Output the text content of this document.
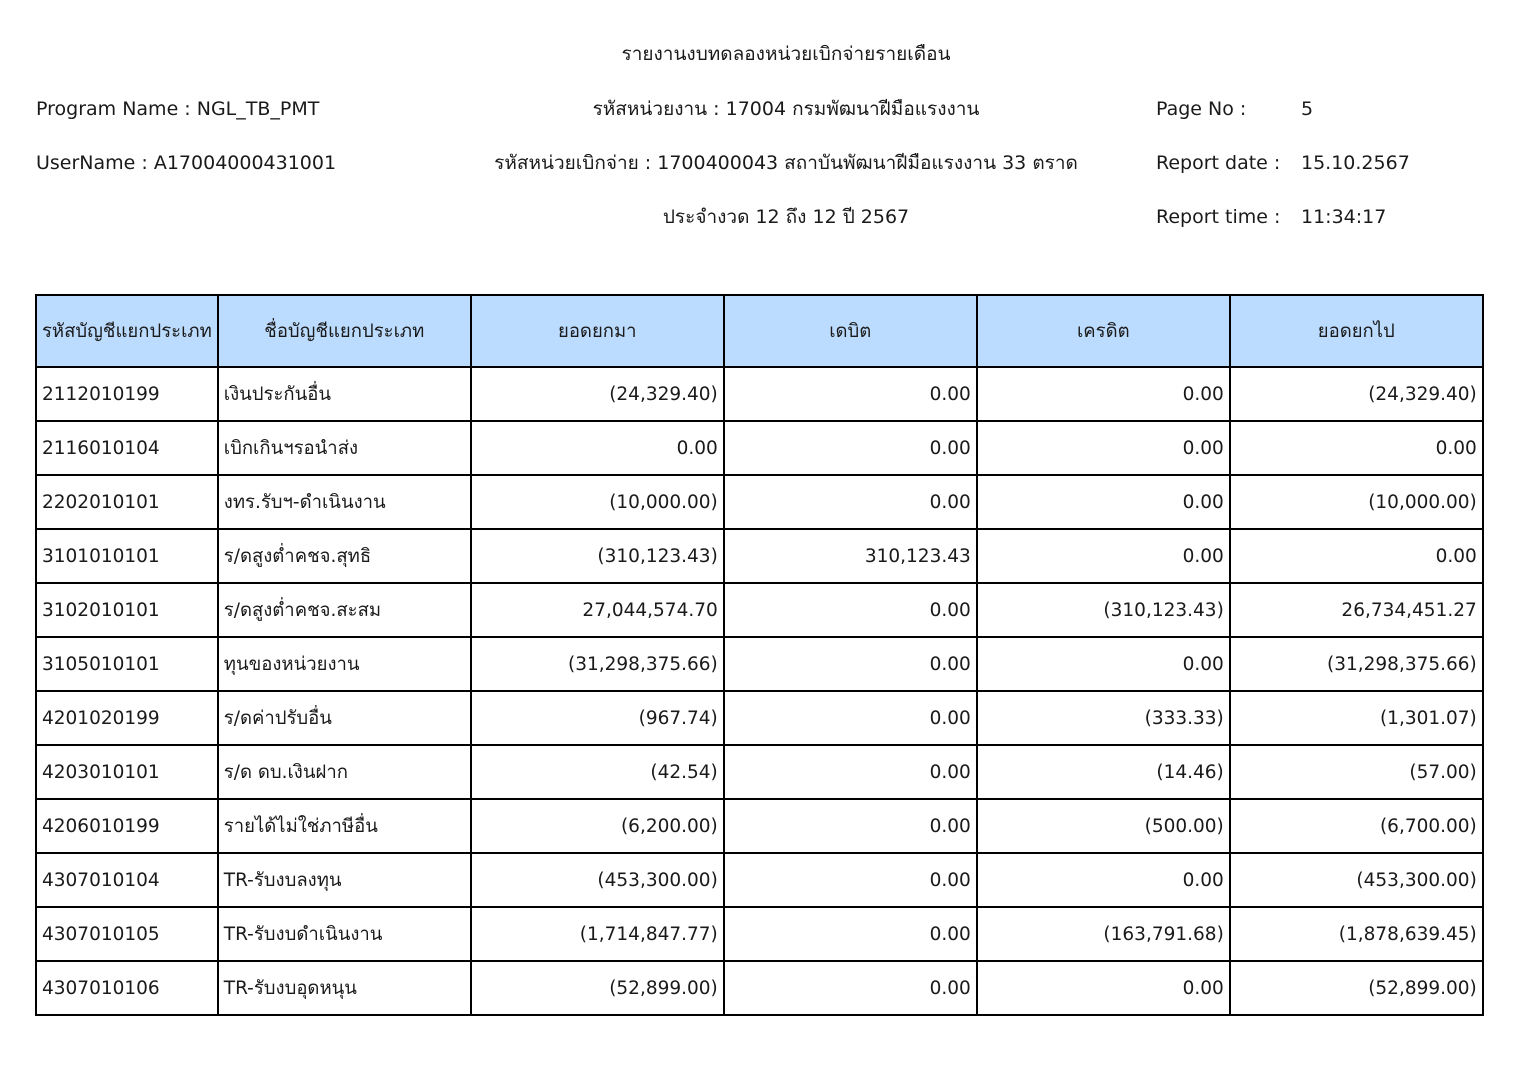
รายงานงบทดลองหน่วยเบิกจ่ายรายเดือน
Program Name : NGL_TB_PMT	รหัสหน่วยงาน : 17004 กรมพัฒนาฝีมือแรงงาน	Page No :	5
UserName : A17004000431001	รหัสหน่วยเบิกจ่าย : 1700400043 สถาบันพัฒนาฝีมือแรงงาน 33 ตราด	Report date : 15.10.2567
ประจำงวด 12 ถึง 12 ปี 2567	Report time : 11:34:17
รหัสบัญชีแยกประเภท	ชื่อบัญชีแยกประเภท	ยอดยกมา	เดบิต	เครดิต	ยอดยกไป
2112010199	เงินประกันอื่น	(24,329.40)	0.00	0.00	(24,329.40)
2116010104	เบิกเกินฯรอนำส่ง	0.00	0.00	0.00	0.00
2202010101	งทร.รับฯ-ดำเนินงาน	(10,000.00)	0.00	0.00	(10,000.00)
3101010101	ร/ดสูงต่ำคชจ.สุทธิ	(310,123.43)	310,123.43	0.00	0.00
3102010101	ร/ดสูงต่ำคชจ.สะสม	27,044,574.70	0.00	(310,123.43)	26,734,451.27
3105010101	ทุนของหน่วยงาน	(31,298,375.66)	0.00	0.00	(31,298,375.66)
4201020199	ร/ดค่าปรับอื่น	(967.74)	0.00	(333.33)	(1,301.07)
4203010101	ร/ด ดบ.เงินฝาก	(42.54)	0.00	(14.46)	(57.00)
4206010199	รายได้ไม่ใช่ภาษีอื่น	(6,200.00)	0.00	(500.00)	(6,700.00)
4307010104	TR-รับงบลงทุน	(453,300.00)	0.00	0.00	(453,300.00)
4307010105	TR-รับงบดำเนินงาน	(1,714,847.77)	0.00	(163,791.68)	(1,878,639.45)
4307010106	TR-รับงบอุดหนุน	(52,899.00)	0.00	0.00	(52,899.00)
